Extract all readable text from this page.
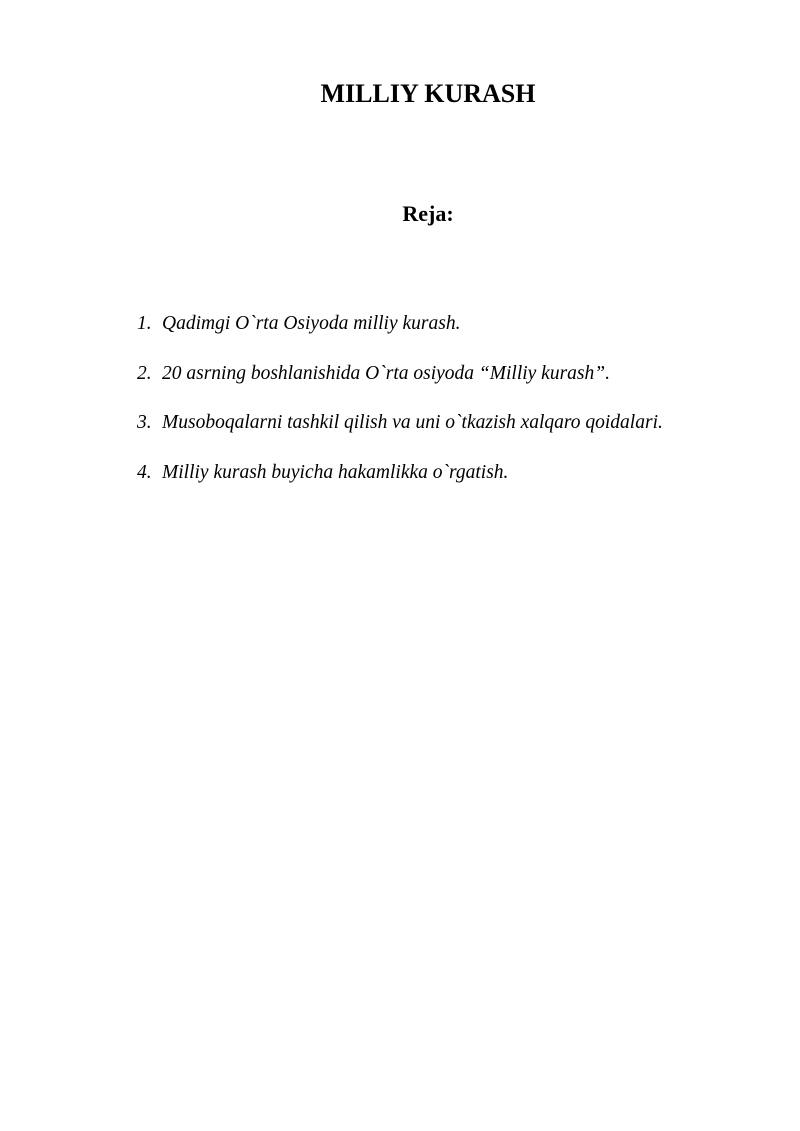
MILLIY KURASH
Reja:
1. Qadimgi O`rta Osiyoda milliy kurash.
2. 20 asrning boshlanishida O`rta osiyoda “Milliy kurash”.
3. Musoboqalarni tashkil qilish va uni o`tkazish xalqaro qoidalari.
4. Milliy kurash buyicha hakamlikka o`rgatish.
